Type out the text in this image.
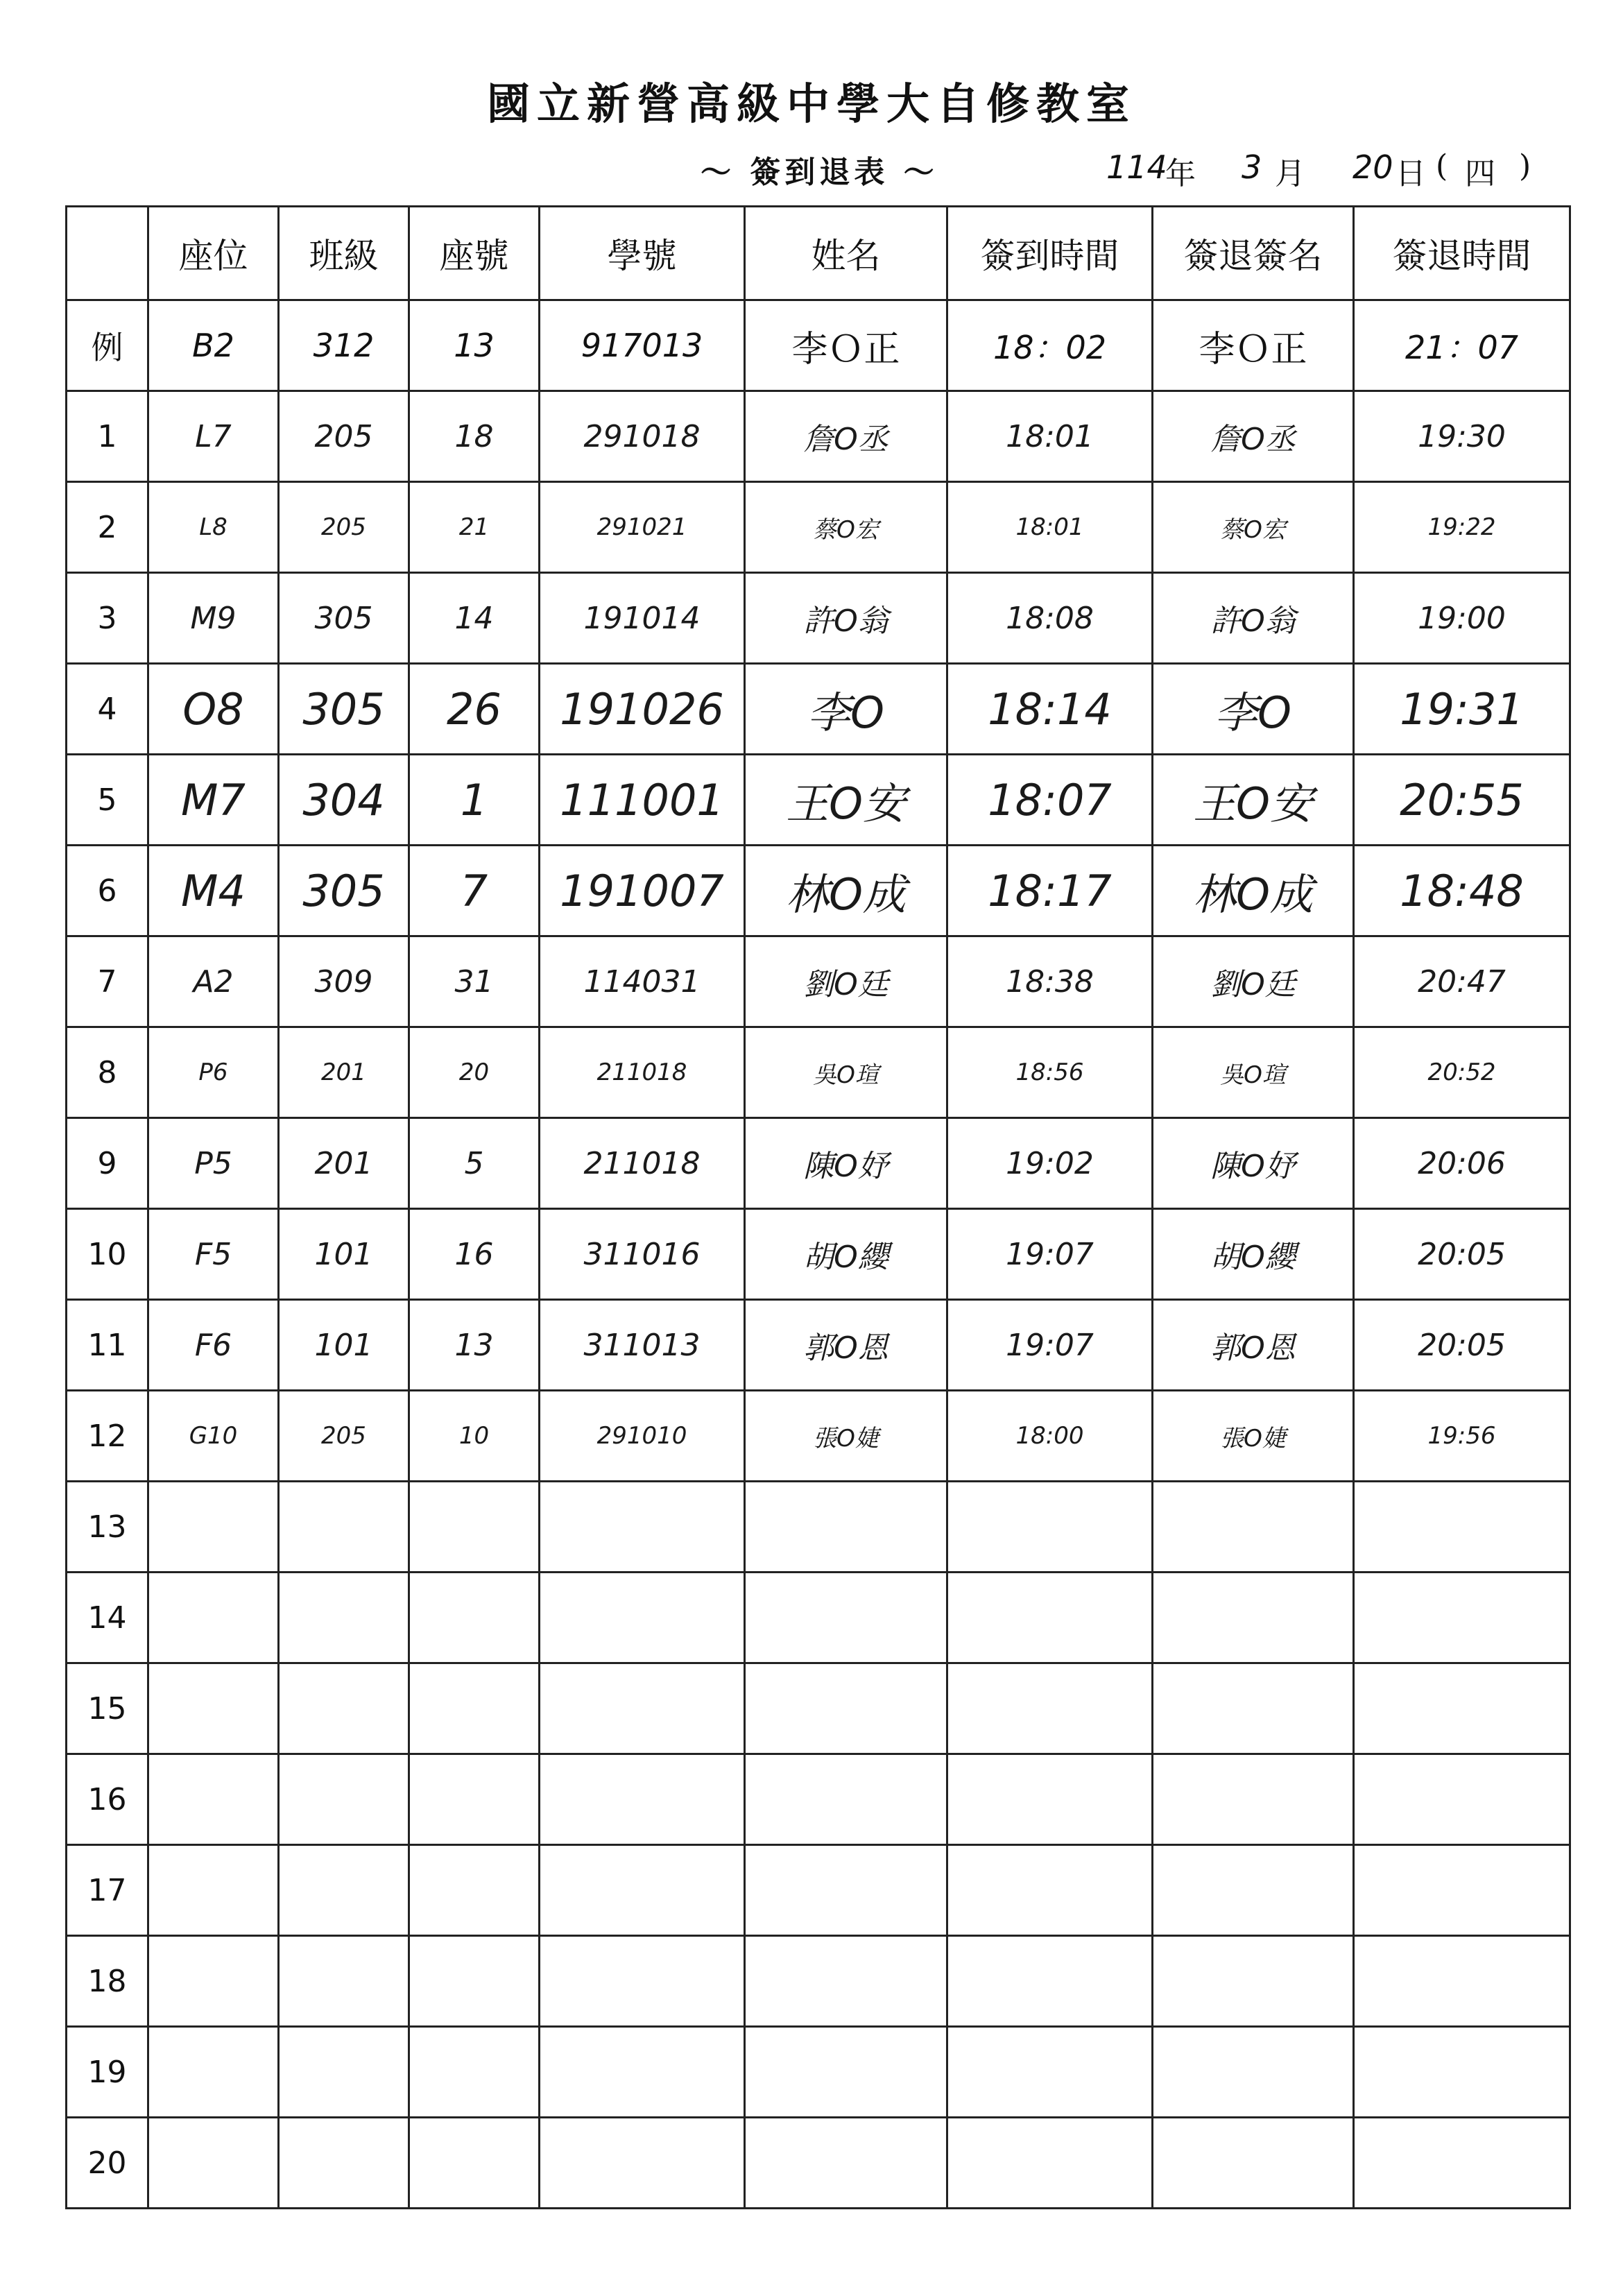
國立新營高級中學大自修教室
〜 簽到退表 〜	114
年 3 月 20 日 ( 四 )
	座位	班級	座號	學號	姓名	簽到時間	簽退簽名	簽退時間
例	B2	312	13	917013	李Ｏ正	18：02	李Ｏ正	21：07
1	L7	205	18	291018	詹O丞	18:01	詹O丞	19:30
2	L8	205	21	291021	蔡O宏	18:01	蔡O宏	19:22
3	M9	305	14	191014	許O翁	18:08	許O翁	19:00
4	O8	305	26	191026	李O	18:14	李O	19:31
5	M7	304	1	111001	王O安	18:07	王O安	20:55
6	M4	305	7	191007	林O成	18:17	林O成	18:48
7	A2	309	31	114031	劉O廷	18:38	劉O廷	20:47
8	P6	201	20	211018	吳O瑄	18:56	吳O瑄	20:52
9	P5	201	5	211018	陳O妤	19:02	陳O妤	20:06
10	F5	101	16	311016	胡O纓	19:07	胡O纓	20:05
11	F6	101	13	311013	郭O恩	19:07	郭O恩	20:05
12	G10	205	10	291010	張O婕	18:00	張O婕	19:56
13								
14								
15								
16								
17								
18								
19								
20								
